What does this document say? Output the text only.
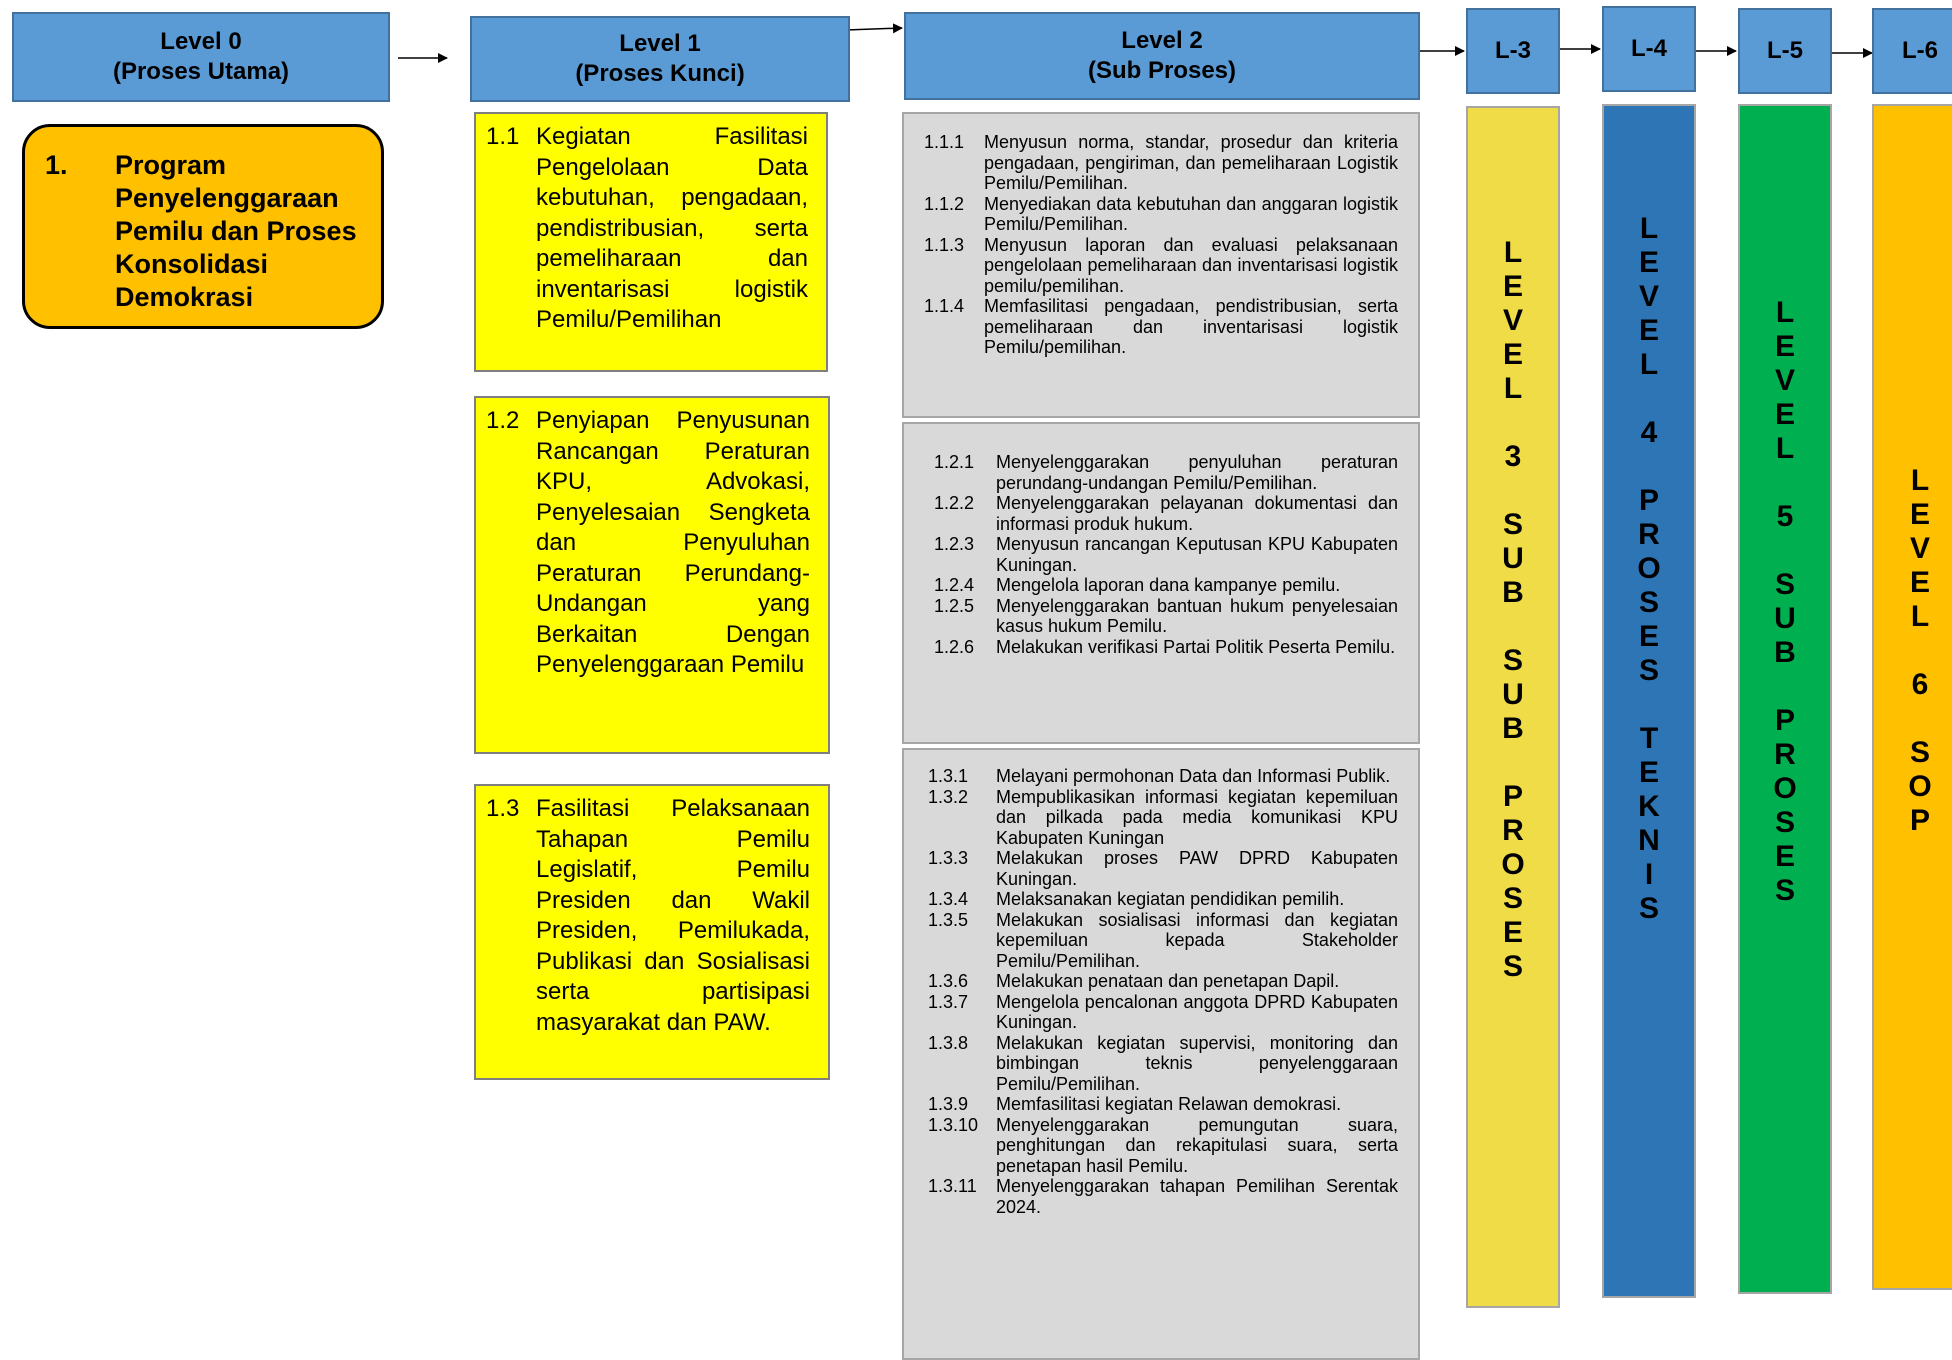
Level 0
(Proses Utama)
Level 1
(Proses Kunci)
Level 2
(Sub Proses)
L-3	L-4	L-5	L-6
1. Program Penyelenggaraan Pemilu dan Proses Konsolidasi Demokrasi
1.1 Kegiatan Fasilitasi Pengelolaan Data kebutuhan, pengadaan, pendistribusian, serta pemeliharaan dan inventarisasi logistik Pemilu/Pemilihan
1.2 Penyiapan Penyusunan Rancangan Peraturan KPU, Advokasi, Penyelesaian Sengketa dan Penyuluhan Peraturan Perundang-Undangan yang Berkaitan Dengan Penyelenggaraan Pemilu
1.3 Fasilitasi Pelaksanaan Tahapan Pemilu Legislatif, Pemilu Presiden dan Wakil Presiden, Pemilukada, Publikasi dan Sosialisasi serta partisipasi masyarakat dan PAW.
1.1.1	Menyusun norma, standar, prosedur dan kriteria pengadaan, pengiriman, dan pemeliharaan Logistik Pemilu/Pemilihan.
1.1.2	Menyediakan data kebutuhan dan anggaran logistik Pemilu/Pemilihan.
1.1.3	Menyusun laporan dan evaluasi pelaksanaan pengelolaan pemeliharaan dan inventarisasi logistik pemilu/pemilihan.
1.1.4	Memfasilitasi pengadaan, pendistribusian, serta pemeliharaan dan inventarisasi logistik Pemilu/pemilihan.
1.2.1	Menyelenggarakan penyuluhan peraturan perundang-undangan Pemilu/Pemilihan.
1.2.2	Menyelenggarakan pelayanan dokumentasi dan informasi produk hukum.
1.2.3	Menyusun rancangan Keputusan KPU Kabupaten Kuningan.
1.2.4	Mengelola laporan dana kampanye pemilu.
1.2.5	Menyelenggarakan bantuan hukum penyelesaian kasus hukum Pemilu.
1.2.6	Melakukan verifikasi Partai Politik Peserta Pemilu.
1.3.1	Melayani permohonan Data dan Informasi Publik.
1.3.2	Mempublikasikan informasi kegiatan kepemiluan dan pilkada pada media komunikasi KPU Kabupaten Kuningan
1.3.3	Melakukan proses PAW DPRD Kabupaten Kuningan.
1.3.4	Melaksanakan kegiatan pendidikan pemilih.
1.3.5	Melakukan sosialisasi informasi dan kegiatan kepemiluan kepada Stakeholder Pemilu/Pemilihan.
1.3.6	Melakukan penataan dan penetapan Dapil.
1.3.7	Mengelola pencalonan anggota DPRD Kabupaten Kuningan.
1.3.8	Melakukan kegiatan supervisi, monitoring dan bimbingan teknis penyelenggaraan Pemilu/Pemilihan.
1.3.9	Memfasilitasi kegiatan Relawan demokrasi.
1.3.10 Menyelenggarakan pemungutan suara, penghitungan dan rekapitulasi suara, serta penetapan hasil Pemilu.
1.3.11	Menyelenggarakan tahapan Pemilihan Serentak 2024.
L
E
V
E
L
3
S
U
B
S
U
B
P
R
O
S
E
S
L
E
V
E
L
4
P
R
O
S
E
S
T
E
K
N
I
S
L
E
V
E
L
5
S
U
B
P
R
O
S
E
S
L
E
V
E
L
6
S
O
P
